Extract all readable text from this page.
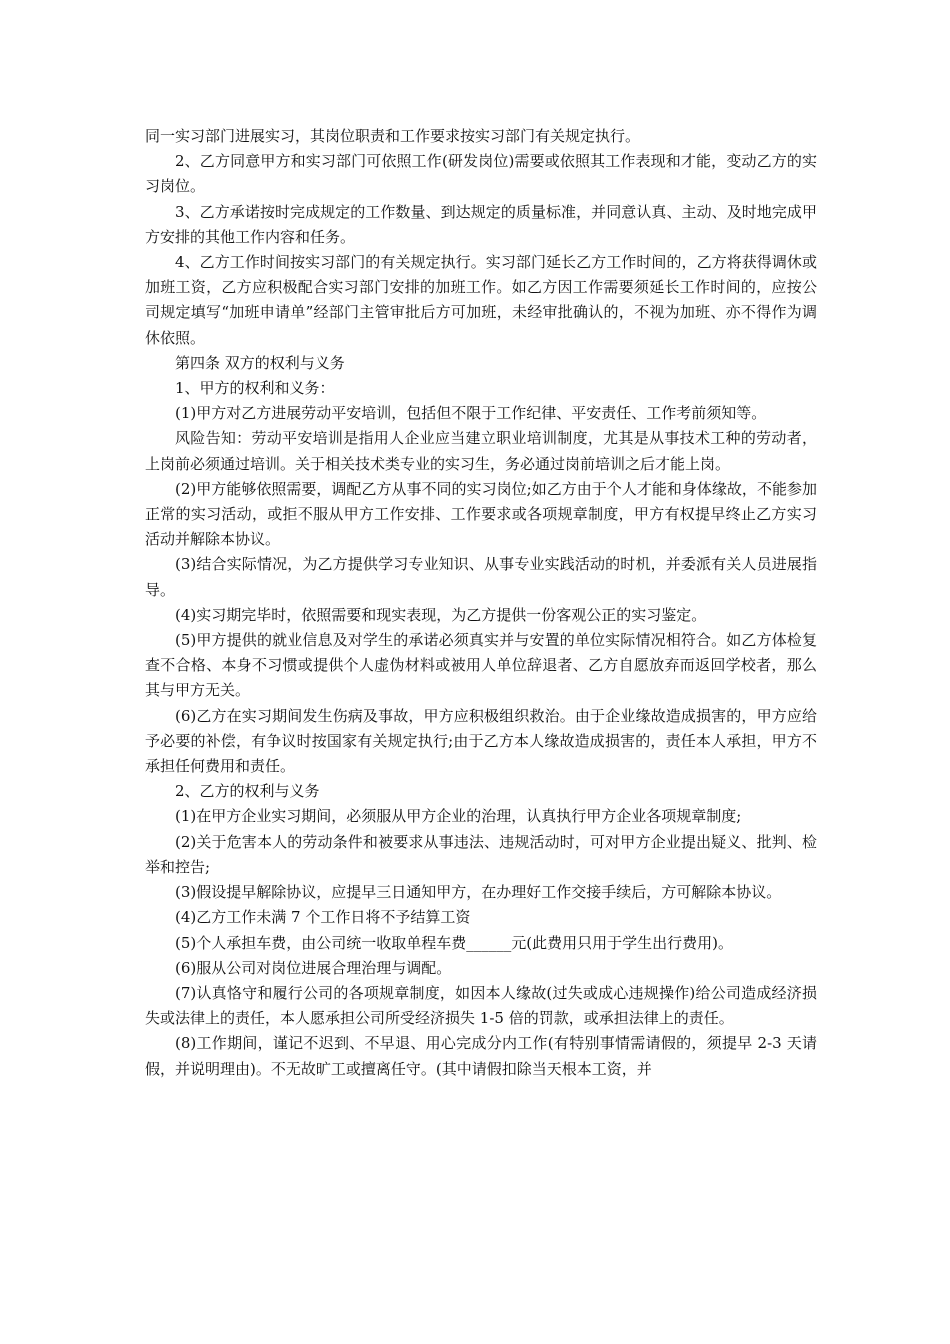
同一实习部门进展实习，其岗位职责和工作要求按实习部门有关规定执行。

2、乙方同意甲方和实习部门可依照工作(研发岗位)需要或依照其工作表现和才能，变动乙方的实习岗位。

3、乙方承诺按时完成规定的工作数量、到达规定的质量标准，并同意认真、主动、及时地完成甲方安排的其他工作内容和任务。

4、乙方工作时间按实习部门的有关规定执行。实习部门延长乙方工作时间的，乙方将获得调休或加班工资，乙方应积极配合实习部门安排的加班工作。如乙方因工作需要须延长工作时间的，应按公司规定填写“加班申请单”经部门主管审批后方可加班，未经审批确认的，不视为加班、亦不得作为调休依照。

第四条 双方的权利与义务

1、甲方的权利和义务：

(1)甲方对乙方进展劳动平安培训，包括但不限于工作纪律、平安责任、工作考前须知等。

风险告知：劳动平安培训是指用人企业应当建立职业培训制度，尤其是从事技术工种的劳动者，上岗前必须通过培训。关于相关技术类专业的实习生，务必通过岗前培训之后才能上岗。

(2)甲方能够依照需要，调配乙方从事不同的实习岗位;如乙方由于个人才能和身体缘故，不能参加正常的实习活动，或拒不服从甲方工作安排、工作要求或各项规章制度，甲方有权提早终止乙方实习活动并解除本协议。

(3)结合实际情况，为乙方提供学习专业知识、从事专业实践活动的时机，并委派有关人员进展指导。

(4)实习期完毕时，依照需要和现实表现，为乙方提供一份客观公正的实习鉴定。

(5)甲方提供的就业信息及对学生的承诺必须真实并与安置的单位实际情况相符合。如乙方体检复查不合格、本身不习惯或提供个人虚伪材料或被用人单位辞退者、乙方自愿放弃而返回学校者，那么其与甲方无关。

(6)乙方在实习期间发生伤病及事故，甲方应积极组织救治。由于企业缘故造成损害的，甲方应给予必要的补偿，有争议时按国家有关规定执行;由于乙方本人缘故造成损害的，责任本人承担，甲方不承担任何费用和责任。

2、乙方的权利与义务

(1)在甲方企业实习期间，必须服从甲方企业的治理，认真执行甲方企业各项规章制度;

(2)关于危害本人的劳动条件和被要求从事违法、违规活动时，可对甲方企业提出疑义、批判、检举和控告;

(3)假设提早解除协议，应提早三日通知甲方，在办理好工作交接手续后，方可解除本协议。

(4)乙方工作未满 7 个工作日将不予结算工资

(5)个人承担车费，由公司统一收取单程车费______元(此费用只用于学生出行费用)。

(6)服从公司对岗位进展合理治理与调配。

(7)认真恪守和履行公司的各项规章制度，如因本人缘故(过失或成心违规操作)给公司造成经济损失或法律上的责任，本人愿承担公司所受经济损失 1-5 倍的罚款，或承担法律上的责任。

(8)工作期间，谨记不迟到、不早退、用心完成分内工作(有特别事情需请假的，须提早 2-3 天请假，并说明理由)。不无故旷工或擅离任守。(其中请假扣除当天根本工资，并
